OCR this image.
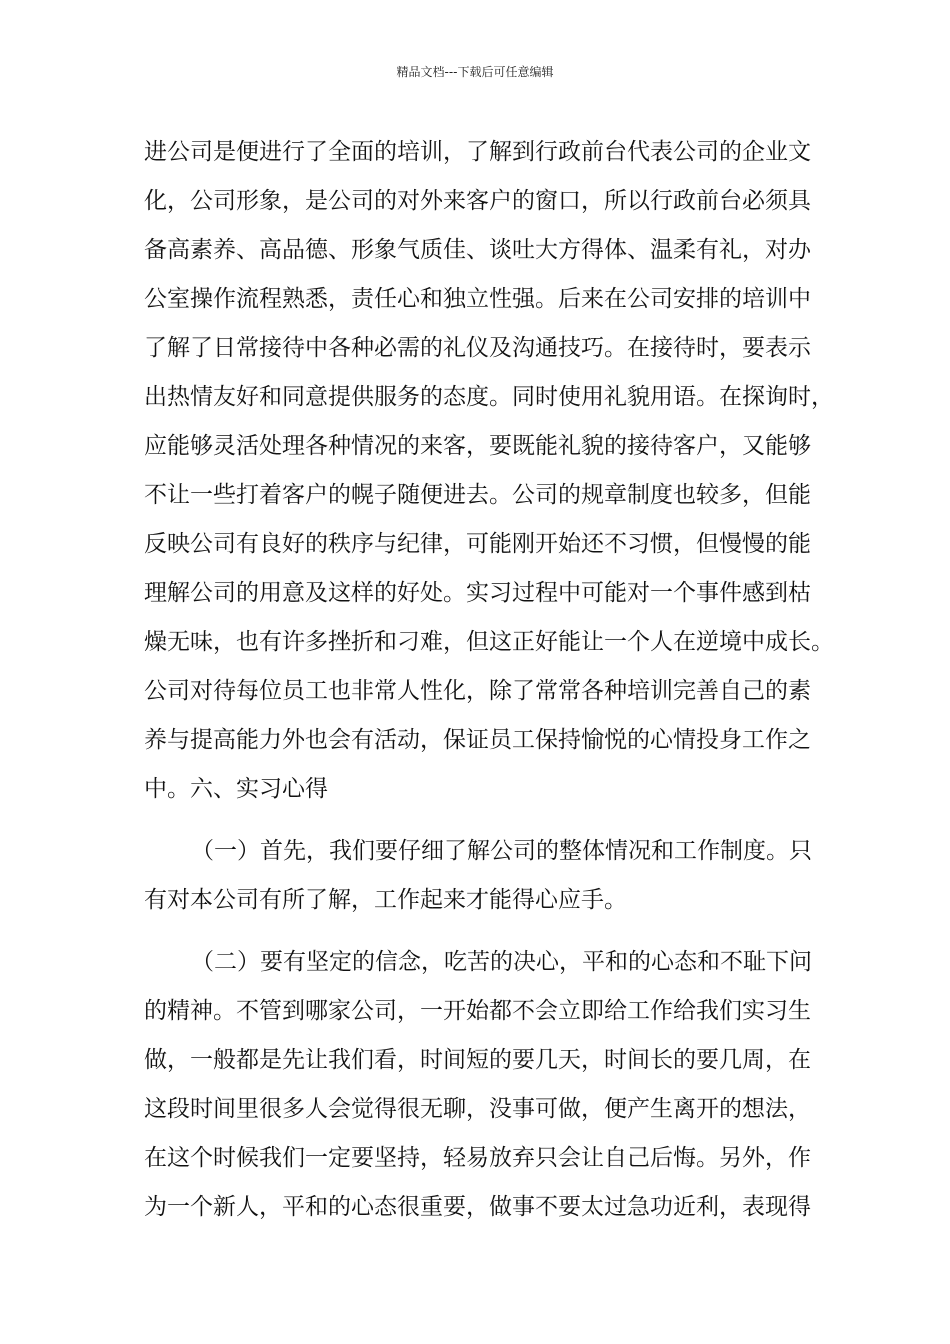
精品文档---下载后可任意编辑
进公司是便进行了全面的培训，了解到行政前台代表公司的企业文
化，公司形象，是公司的对外来客户的窗口，所以行政前台必须具
备高素养、高品德、形象气质佳、谈吐大方得体、温柔有礼，对办
公室操作流程熟悉，责任心和独立性强。后来在公司安排的培训中
了解了日常接待中各种必需的礼仪及沟通技巧。在接待时，要表示
出热情友好和同意提供服务的态度。同时使用礼貌用语。在探询时，
应能够灵活处理各种情况的来客，要既能礼貌的接待客户，又能够
不让一些打着客户的幌子随便进去。公司的规章制度也较多，但能
反映公司有良好的秩序与纪律，可能刚开始还不习惯，但慢慢的能
理解公司的用意及这样的好处。实习过程中可能对一个事件感到枯
燥无味，也有许多挫折和刁难，但这正好能让一个人在逆境中成长。
公司对待每位员工也非常人性化，除了常常各种培训完善自己的素
养与提高能力外也会有活动，保证员工保持愉悦的心情投身工作之
中。六、实习心得
（一）首先，我们要仔细了解公司的整体情况和工作制度。只
有对本公司有所了解，工作起来才能得心应手。
（二）要有坚定的信念，吃苦的决心，平和的心态和不耻下问
的精神。不管到哪家公司，一开始都不会立即给工作给我们实习生
做，一般都是先让我们看，时间短的要几天，时间长的要几周，在
这段时间里很多人会觉得很无聊，没事可做，便产生离开的想法，
在这个时候我们一定要坚持，轻易放弃只会让自己后悔。另外，作
为一个新人，平和的心态很重要，做事不要太过急功近利，表现得
